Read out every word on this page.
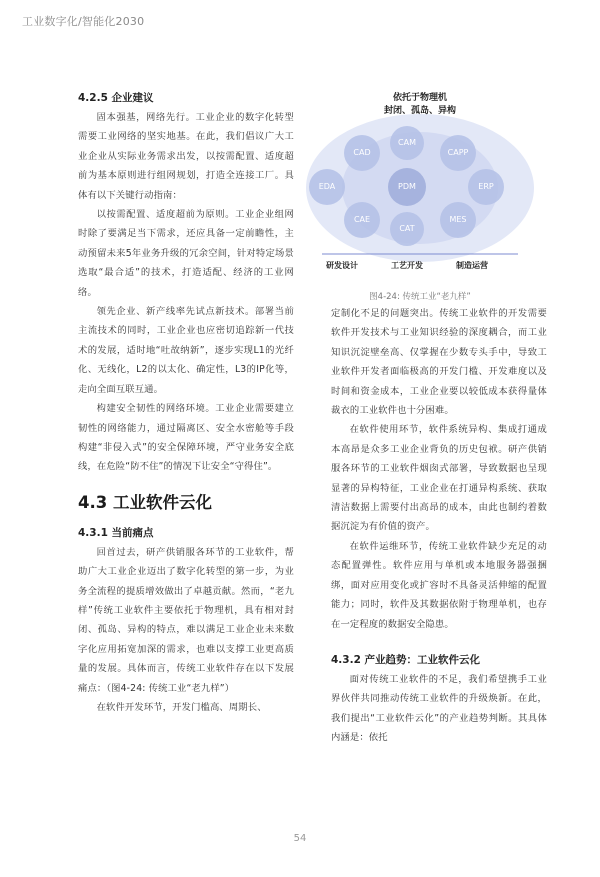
工业数字化/智能化2030
4.2.5 企业建议

固本强基，网络先行。工业企业的数字化转型需要工业网络的坚实地基。在此，我们倡议广大工业企业从实际业务需求出发，以按需配置、适度超前为基本原则进行组网规划，打造全连接工厂。具体有以下关键行动指南：

以按需配置、适度超前为原则。工业企业组网时除了要满足当下需求，还应具备一定前瞻性，主动预留未来5年业务升级的冗余空间，针对特定场景选取“最合适”的技术，打造适配、经济的工业网络。

领先企业、新产线率先试点新技术。部署当前主流技术的同时，工业企业也应密切追踪新一代技术的发展，适时地“吐故纳新”，逐步实现L1的光纤化、无线化，L2的以太化、确定性，L3的IP化等，走向全面互联互通。

构建安全韧性的网络环境。工业企业需要建立韧性的网络能力，通过隔离区、安全水密舱等手段构建“非侵入式”的安全保障环境，严守业务安全底线，在危险“防不住”的情况下让安全“守得住”。

4.3 工业软件云化
4.3.1 当前痛点

回首过去，研产供销服各环节的工业软件，帮助广大工业企业迈出了数字化转型的第一步，为业务全流程的提质增效做出了卓越贡献。然而，“老九样”传统工业软件主要依托于物理机，具有相对封闭、孤岛、异构的特点，难以满足工业企业未来数字化应用拓宽加深的需求，也难以支撑工业更高质量的发展。具体而言，传统工业软件存在以下发展痛点：（图4-24: 传统工业“老九样”）

在软件开发环节，开发门槛高、周期长、

依托于物理机
封闭、孤岛、异构
CAD
CAM
CAPP
EDA	PDM	ERP
CAE
CAT
MES
研发设计	工艺开发	制造运营
图4-24: 传统工业“老九样”

定制化不足的问题突出。传统工业软件的开发需要软件开发技术与工业知识经验的深度耦合，而工业知识沉淀壁垒高、仅掌握在少数专头手中，导致工业软件开发者面临极高的开发门槛、开发难度以及时间和资金成本，工业企业要以较低成本获得量体裁衣的工业软件也十分困难。

在软件使用环节，软件系统异构、集成打通成本高昂是众多工业企业背负的历史包袱。研产供销服各环节的工业软件烟囱式部署，导致数据也呈现显著的异构特征，工业企业在打通异构系统、获取清洁数据上需要付出高昂的成本，由此也制约着数据沉淀为有价值的资产。

在软件运维环节，传统工业软件缺少充足的动态配置弹性。软件应用与单机或本地服务器强捆绑，面对应用变化或扩容时不具备灵活伸缩的配置能力；同时，软件及其数据依附于物理单机，也存在一定程度的数据安全隐患。

4.3.2 产业趋势：工业软件云化

面对传统工业软件的不足，我们希望携手工业界伙伴共同推动传统工业软件的升级焕新。在此，我们提出“工业软件云化”的产业趋势判断。其具体内涵是：依托

54
